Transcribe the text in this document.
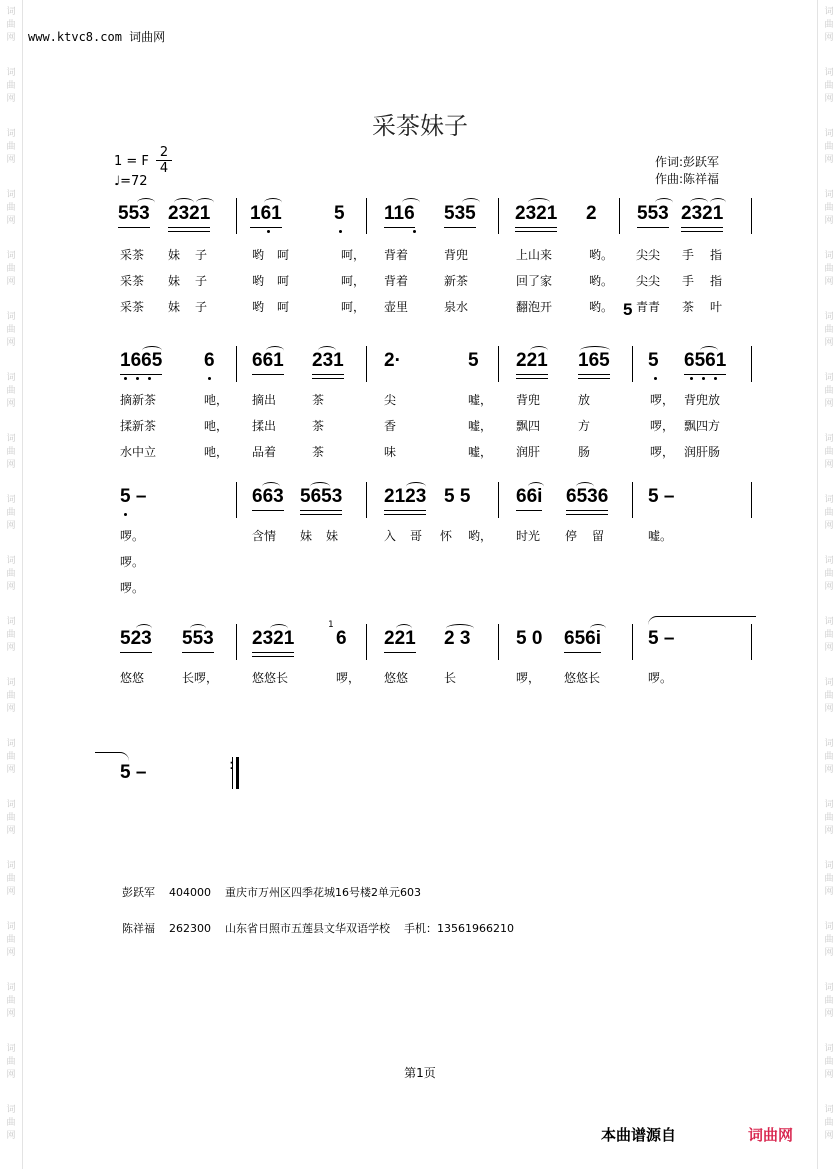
词
曲
网
词
曲
网
词
曲
网
词
曲
网
词
曲
网
词
曲
网
词
曲
网
词
曲
网
词
曲
网
词
曲
网
词
曲
网
词
曲
网
词
曲
网
词
曲
网
词
曲
网
词
曲
网
词
曲
网
词
曲
网
词
曲
网
词
曲
网
词
曲
网
词
曲
网
词
曲
网
词
曲
网
词
曲
网
词
曲
网
词
曲
网
词
曲
网
词
曲
网
词
曲
网
词
曲
网
词
曲
网
词
曲
网
词
曲
网
词
曲
网
词
曲
网
词
曲
网
词
曲
网
www.ktvc8.com 词曲网
采茶妹子
1 = F $\frac{2}{4}$
♩=72
作词:彭跃军
作曲:陈祥福
553 2321 161	5 116 535 2321 2 553 2321
5
采茶 妹 子	哟 呵	呵， 背着	背兜	上山来	哟。 尖尖 手 指
采茶 妹 子	哟 呵	呵， 背着	新茶	回了家	哟。 尖尖 手 指
采茶 妹 子	哟 呵	呵， 壶里	泉水	翻泡开	哟。 青青 茶 叶
1665 6 661 231 2·	5 221 165 5 6561
摘新茶	吔， 摘出	茶	尖	嘘， 背兜	放	啰， 背兜放
揉新茶	吔， 揉出	茶	香	嘘， 飘四	方	啰， 飘四方
水中立	吔， 品着	茶	味	嘘， 润肝	肠	啰， 润肝肠
5 –	663 5653 2123 5 5 66i 6536 5 –
啰。	含情 妹 妹	入 哥 怀 哟， 时光 停 留	嘘。
啰。
啰。
523 553 2321 6 221 2 3 5 0 656i 5 –
1
悠悠	长啰，	悠悠长	啰， 悠悠	长	啰， 悠悠长	啰。
5 –	:
彭跃军 404000 重庆市万州区四季花城16号楼2单元603
陈祥福 262300 山东省日照市五莲县文华双语学校 手机：13561966210
第1页
本曲谱源自	词曲网
